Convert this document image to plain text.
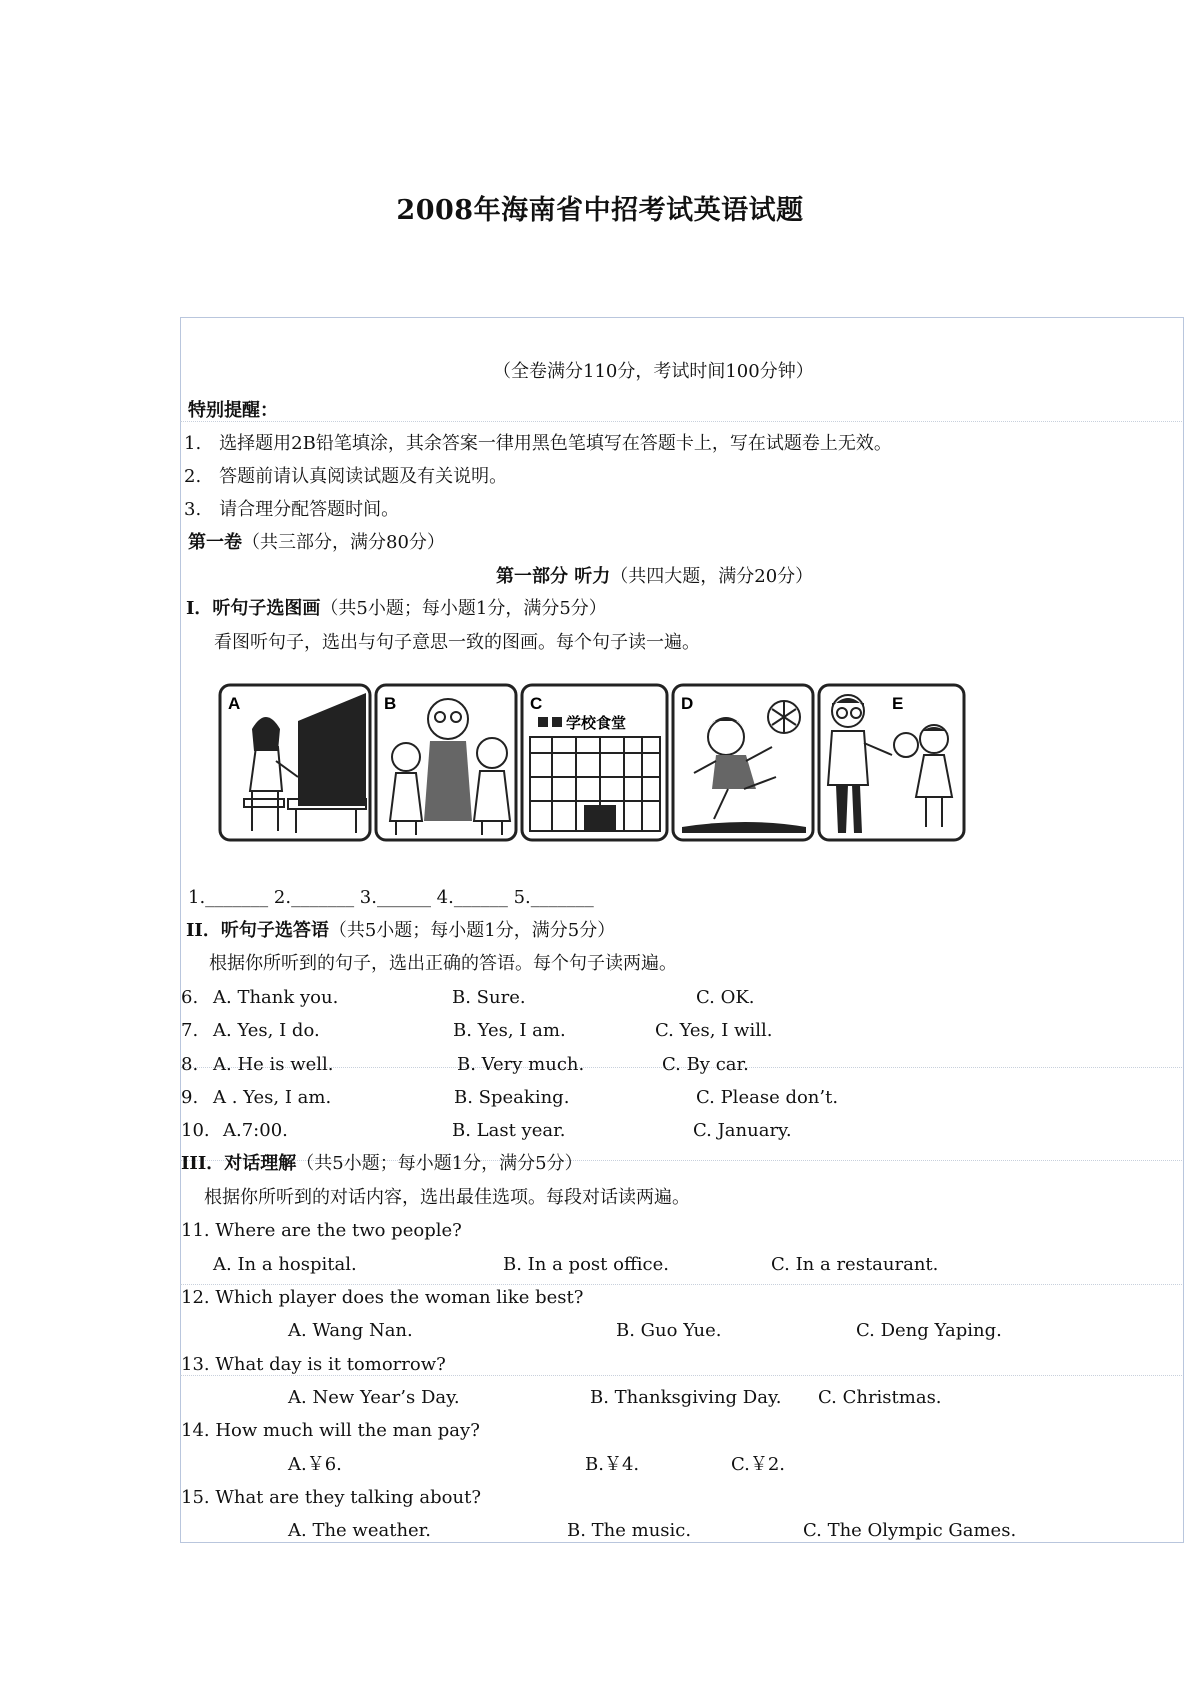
2008年海南省中招考试英语试题
（全卷满分110分，考试时间100分钟）
特别提醒：
1.　选择题用2B铅笔填涂，其余答案一律用黑色笔填写在答题卡上，写在试题卷上无效。
2.　答题前请认真阅读试题及有关说明。
3.　请合理分配答题时间。
第一卷（共三部分，满分80分）
第一部分 听力（共四大题，满分20分）
I．听句子选图画（共5小题；每小题1分，满分5分）
看图听句子，选出与句子意思一致的图画。每个句子读一遍。
A	B	C
学校食堂
D	E
1._______ 2._______ 3.______ 4.______ 5._______
II．听句子选答语（共5小题；每小题1分，满分5分）
根据你所听到的句子，选出正确的答语。每个句子读两遍。
6. A. Thank you.	B. Sure.	C. OK.
7. A. Yes, I do.	B. Yes, I am.	C. Yes, I will.
8. A. He is well.	B. Very much.	C. By car.
9. A . Yes, I am.	B. Speaking.	C. Please don’t.
10. A.7:00.	B. Last year.	C. January.
III．对话理解（共5小题；每小题1分，满分5分）
根据你所听到的对话内容，选出最佳选项。每段对话读两遍。
11. Where are the two people?
A. In a hospital.	B. In a post office.	C. In a restaurant.
12. Which player does the woman like best?
A. Wang Nan.	B. Guo Yue.	C. Deng Yaping.
13. What day is it tomorrow?
A. New Year’s Day.	B. Thanksgiving Day. C. Christmas.
14. How much will the man pay?
A.￥6.	B.￥4.	C.￥2.
15. What are they talking about?
A. The weather.	B. The music.	C. The Olympic Games.
